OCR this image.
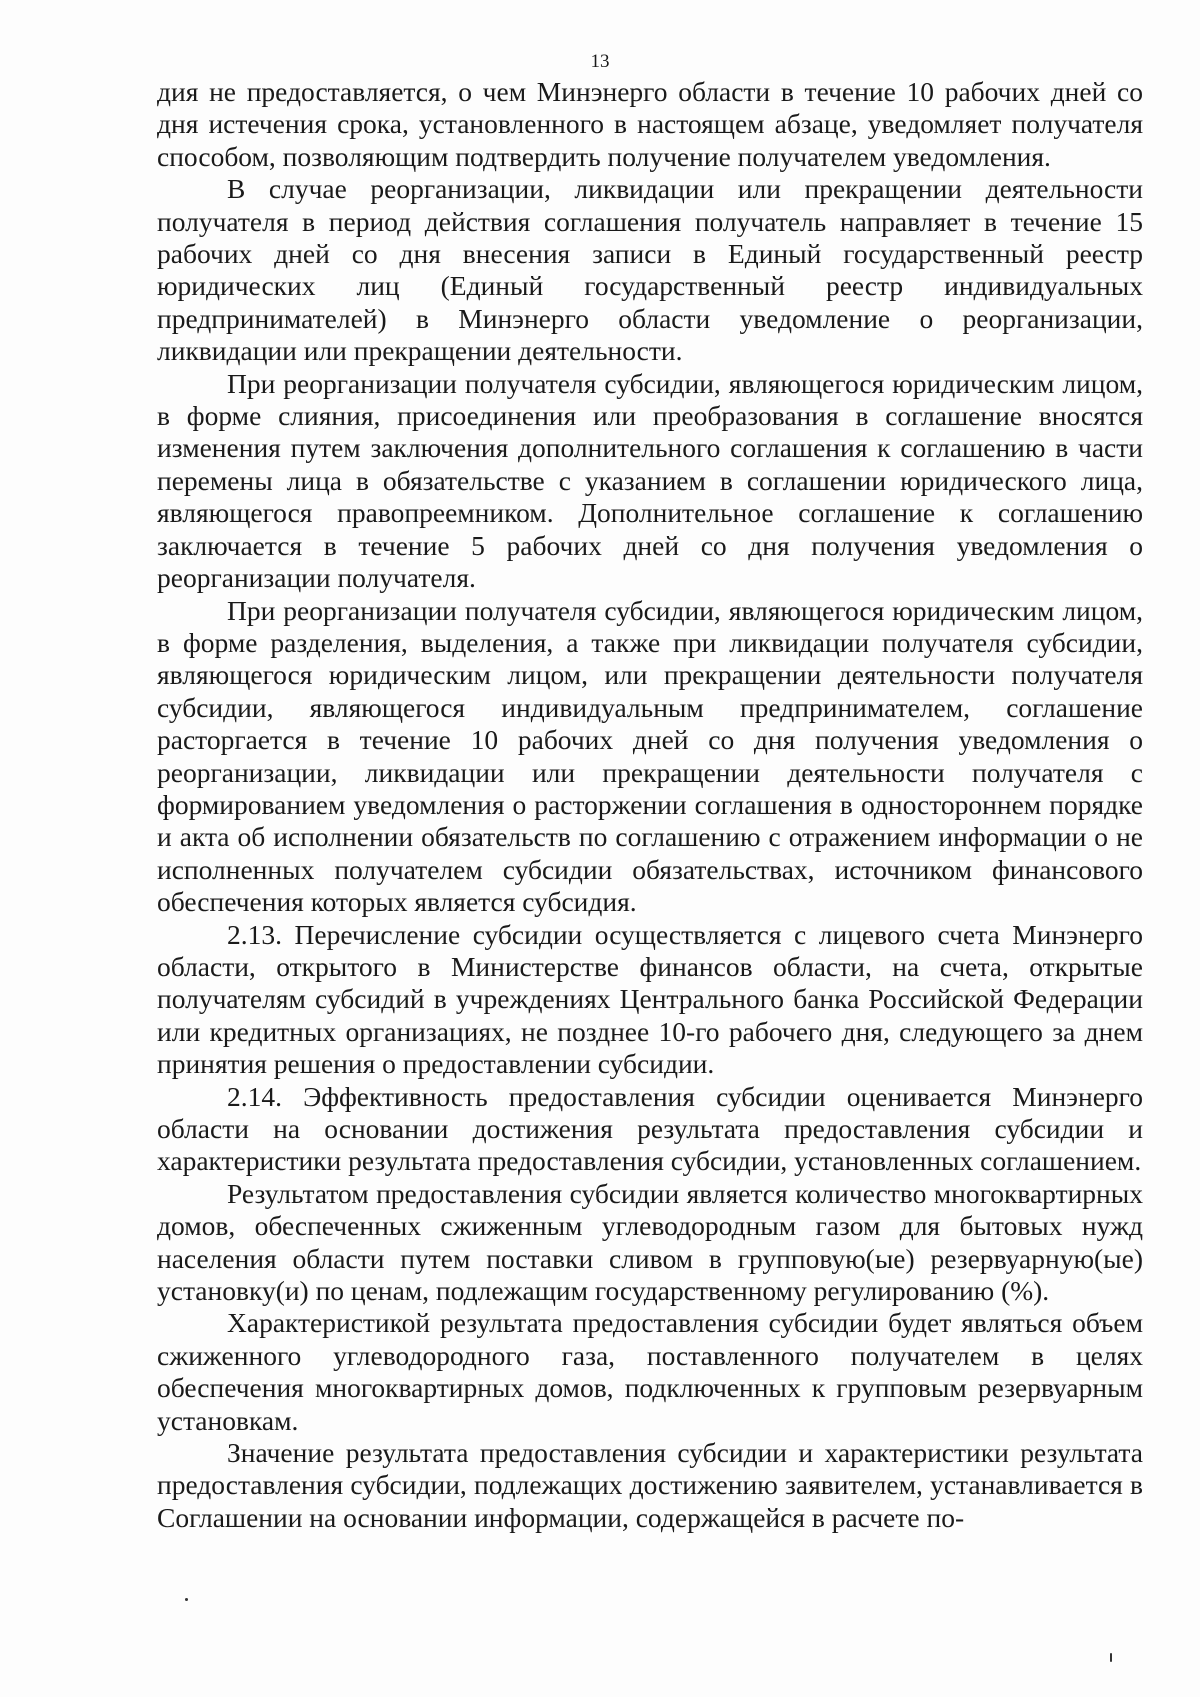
13

дия не предоставляется, о чем Минэнерго области в течение 10 рабочих дней со дня истечения срока, установленного в настоящем абзаце, уведомляет получателя способом, позволяющим подтвердить получение получателем уведомления.

В случае реорганизации, ликвидации или прекращении деятельности получателя в период действия соглашения получатель направляет в течение 15 рабочих дней со дня внесения записи в Единый государственный реестр юридических лиц (Единый государственный реестр индивидуальных предпринимателей) в Минэнерго области уведомление о реорганизации, ликвидации или прекращении деятельности.

При реорганизации получателя субсидии, являющегося юридическим лицом, в форме слияния, присоединения или преобразования в соглашение вносятся изменения путем заключения дополнительного соглашения к соглашению в части перемены лица в обязательстве с указанием в соглашении юридического лица, являющегося правопреемником. Дополнительное соглашение к соглашению заключается в течение 5 рабочих дней со дня получения уведомления о реорганизации получателя.

При реорганизации получателя субсидии, являющегося юридическим лицом, в форме разделения, выделения, а также при ликвидации получателя субсидии, являющегося юридическим лицом, или прекращении деятельности получателя субсидии, являющегося индивидуальным предпринимателем, соглашение расторгается в течение 10 рабочих дней со дня получения уведомления о реорганизации, ликвидации или прекращении деятельности получателя с формированием уведомления о расторжении соглашения в одностороннем порядке и акта об исполнении обязательств по соглашению с отражением информации о не исполненных получателем субсидии обязательствах, источником финансового обеспечения которых является субсидия.

2.13. Перечисление субсидии осуществляется с лицевого счета Минэнерго области, открытого в Министерстве финансов области, на счета, открытые получателям субсидий в учреждениях Центрального банка Российской Федерации или кредитных организациях, не позднее 10-го рабочего дня, следующего за днем принятия решения о предоставлении субсидии.

2.14. Эффективность предоставления субсидии оценивается Минэнерго области на основании достижения результата предоставления субсидии и характеристики результата предоставления субсидии, установленных соглашением.

Результатом предоставления субсидии является количество многоквартирных домов, обеспеченных сжиженным углеводородным газом для бытовых нужд населения области путем поставки сливом в групповую(ые) резервуарную(ые) установку(и) по ценам, подлежащим государственному регулированию (%).

Характеристикой результата предоставления субсидии будет являться объем сжиженного углеводородного газа, поставленного получателем в целях обеспечения многоквартирных домов, подключенных к групповым резервуарным установкам.

Значение результата предоставления субсидии и характеристики результата предоставления субсидии, подлежащих достижению заявителем, устанавливается в Соглашении на основании информации, содержащейся в расчете по-
